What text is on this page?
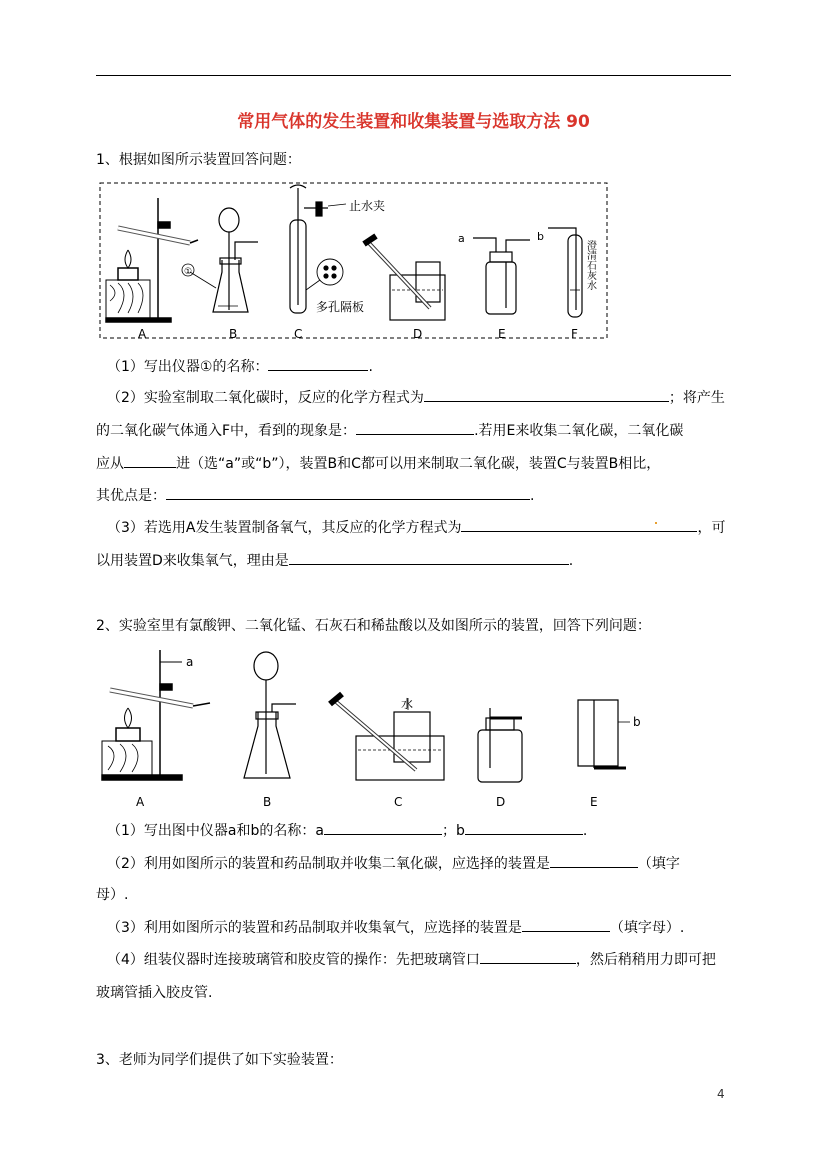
常用气体的发生装置和收集装置与选取方法 90
1、根据如图所示装置回答问题：
A	B	C	D	E	F
①
止水夹
多孔隔板
a	b
澄清石灰水
（1）写出仪器①的名称：	.
（2）实验室制取二氧化碳时，反应的化学方程式为	；将产生
的二氧化碳气体通入F中，看到的现象是：	.若用E来收集二氧化碳，二氧化碳
应从	进（选“a”或“b”），装置B和C都可以用来制取二氧化碳，装置C与装置B相比，
其优点是：	.
（3）若选用A发生装置制备氧气，其反应的化学方程式为	，可
以用装置D来收集氧气，理由是	.
2、实验室里有氯酸钾、二氧化锰、石灰石和稀盐酸以及如图所示的装置，回答下列问题：
A	B	C	D	E
a
b
水
（1）写出图中仪器a和b的名称：a	；b	.
（2）利用如图所示的装置和药品制取并收集二氧化碳，应选择的装置是	（填字
母）.
（3）利用如图所示的装置和药品制取并收集氧气，应选择的装置是	（填字母）.
（4）组装仪器时连接玻璃管和胶皮管的操作：先把玻璃管口	，然后稍稍用力即可把
玻璃管插入胶皮管.
3、老师为同学们提供了如下实验装置：
4
